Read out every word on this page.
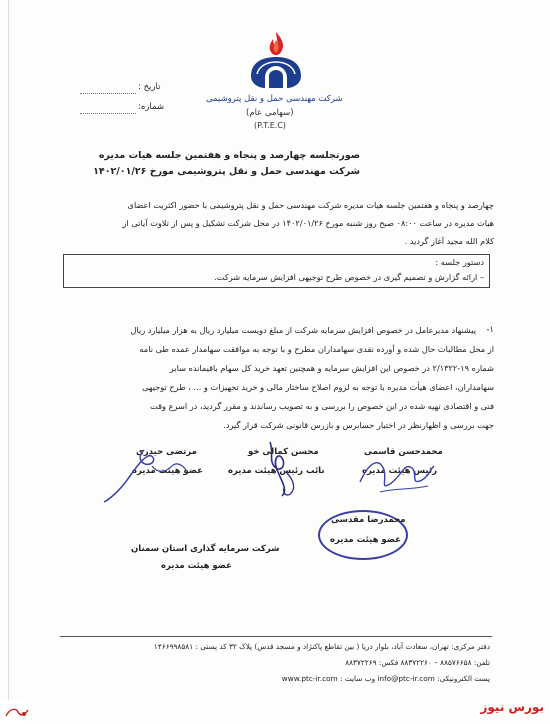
شرکت مهندسی حمل و نقل پتروشیمی
(سهامی عام)
(P.T.E.C)
تاریخ :
شماره:
صورتجلسه چهارصد و پنجاه و هفتمین جلسه هیات مدیره
شرکت مهندسی حمل و نقل پتروشیمی مورخ ۱۴۰۲/۰۱/۲۶
چهارصد و پنجاه و هفتمین جلسه هیات مدیره شرکت مهندسی حمل و نقل پتروشیمی با حضور اکثریت اعضای
هیات مدیره در ساعت ۰۸:۰۰ صبح روز شنبه مورخ ۱۴۰۲/۰۱/۲۶ در محل شرکت تشکیل و پس از تلاوت آیاتی از
کلام الله مجید آغاز گردید .
دستور جلسه :
– ارائه گزارش و تصمیم گیری در خصوص طرح توجیهی افزایش سرمایه شرکت.
۱-
پیشنهاد مدیرعامل در خصوص افزایش سرمایه شرکت از مبلغ دویست میلیارد ریال به هزار میلیارد ریال
از محل مطالبات حال شده و آورده نقدی سهامداران مطرح و با توجه به موافقت سهامدار عمده طی نامه
شماره ۱۹-۲/۱۳۲۲ در خصوص این افزایش سرمایه و همچنین تعهد خرید کل سهام باقیمانده سایر
سهامداران، اعضای هیأت مدیره با توجه به لزوم اصلاح ساختار مالی و خرید تجهیزات و ... ، طرح توجیهی
فنی و اقتصادی تهیه شده در این خصوص را بررسی و به تصویب رساندند و مقرر گردید، در اسرع وقت
جهت بررسی و اظهارنظر در اختیار حسابرس و بازرس قانونی شرکت قرار گیرد.
محمدحسن قاسمی
رئیس هیئت مدیره
محسن کمالی خو
نائب رئیس هیئت مدیره
مرتضی حیدری
عضو هیئت مدیره
محمدرضا مقدسی
عضو هیئت مدیره
شرکت سرمایه گذاری استان سمنان
عضو هیئت مدیره
دفتر مرکزی: تهران، سعادت آباد، بلوار دریا ( بین تقاطع پاکنژاد و مسجد قدس) پلاک ۳۲ کد پستی : ۱۴۶۶۹۹۸۵۸۱
تلفن: ۸۸۵۷۶۶۵۸ – ۸۸۳۷۲۲۶۰ فکس: ۸۸۳۷۲۲۶۹
پست الکترونیکی: info@ptc-ir.com وب سایت : www.ptc-ir.com
بورس نیوز
